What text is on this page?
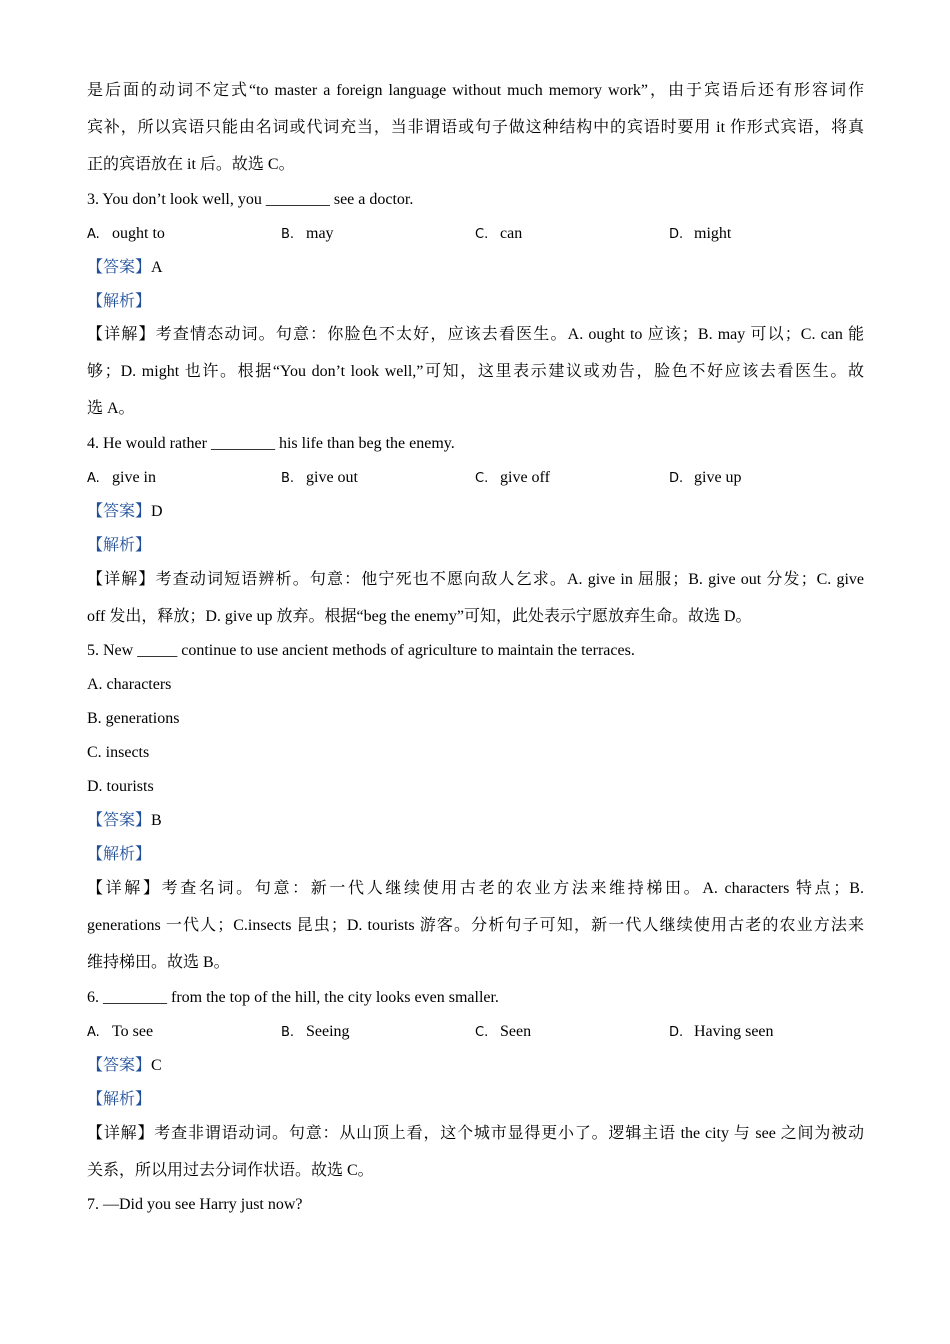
是后面的动词不定式“to master a foreign language without much memory work”，由于宾语后还有形容词作
宾补，所以宾语只能由名词或代词充当，当非谓语或句子做这种结构中的宾语时要用 it 作形式宾语，将真
正的宾语放在 it 后。故选 C。
3. You don’t look well, you ________ see a doctor.
A. ought to	B. may	C. can	D. might
【答案】A
【解析】
【详解】考查情态动词。句意：你脸色不太好，应该去看医生。A. ought to 应该；B. may 可以；C. can 能
够；D. might 也许。根据“You don’t look well,”可知，这里表示建议或劝告，脸色不好应该去看医生。故
选 A。
4. He would rather ________ his life than beg the enemy.
A. give in	B. give out	C. give off	D. give up
【答案】D
【解析】
【详解】考查动词短语辨析。句意：他宁死也不愿向敌人乞求。A. give in 屈服；B. give out 分发；C. give
off 发出，释放；D. give up 放弃。根据“beg the enemy”可知，此处表示宁愿放弃生命。故选 D。
5. New _____ continue to use ancient methods of agriculture to maintain the terraces.
A. characters
B. generations
C. insects
D. tourists
【答案】B
【解析】
【详解】考查名词。句意：新一代人继续使用古老的农业方法来维持梯田。A. characters 特点；B.
generations 一代人；C.insects 昆虫；D. tourists 游客。分析句子可知，新一代人继续使用古老的农业方法来
维持梯田。故选 B。
6. ________ from the top of the hill, the city looks even smaller.
A. To see	B. Seeing	C. Seen	D. Having seen
【答案】C
【解析】
【详解】考查非谓语动词。句意：从山顶上看，这个城市显得更小了。逻辑主语 the city 与 see 之间为被动
关系，所以用过去分词作状语。故选 C。
7. —Did you see Harry just now?
